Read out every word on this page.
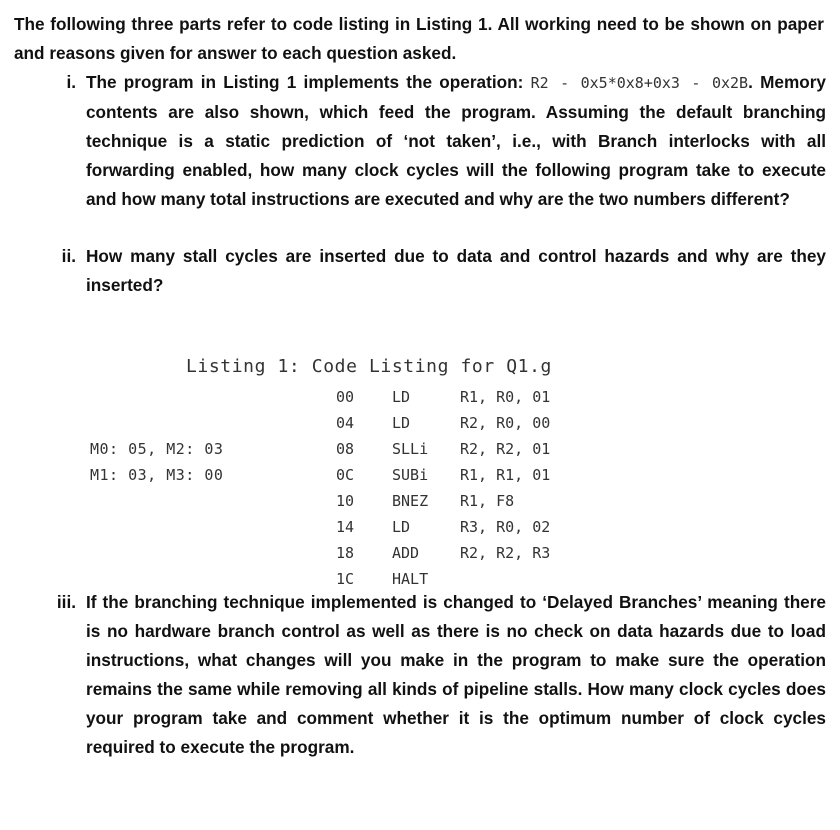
The following three parts refer to code listing in Listing 1. All working need to be shown on paper and reasons given for answer to each question asked.

i. The program in Listing 1 implements the operation: R2 - 0x5*0x8+0x3 - 0x2B. Memory contents are also shown, which feed the program. Assuming the default branching technique is a static prediction of ‘not taken’, i.e., with Branch interlocks with all forwarding enabled, how many clock cycles will the following program take to execute and how many total instructions are executed and why are the two numbers different?

ii. How many stall cycles are inserted due to data and control hazards and why are they inserted?

iii. If the branching technique implemented is changed to ‘Delayed Branches’ meaning there is no hardware branch control as well as there is no check on data hazards due to load instructions, what changes will you make in the program to make sure the operation remains the same while removing all kinds of pipeline stalls. How many clock cycles does your program take and comment whether it is the optimum number of clock cycles required to execute the program.

Listing 1: Code Listing for Q1.g
M0: 05, M2: 03
M1: 03, M3: 00
00	LD	R1, R0, 01
04	LD	R2, R0, 00
08	SLLi R2, R2, 01
0C	SUBi R1, R1, 01
10	BNEZ R1, F8
14	LD	R3, R0, 02
18	ADD	R2, R2, R3
1C	HALT
